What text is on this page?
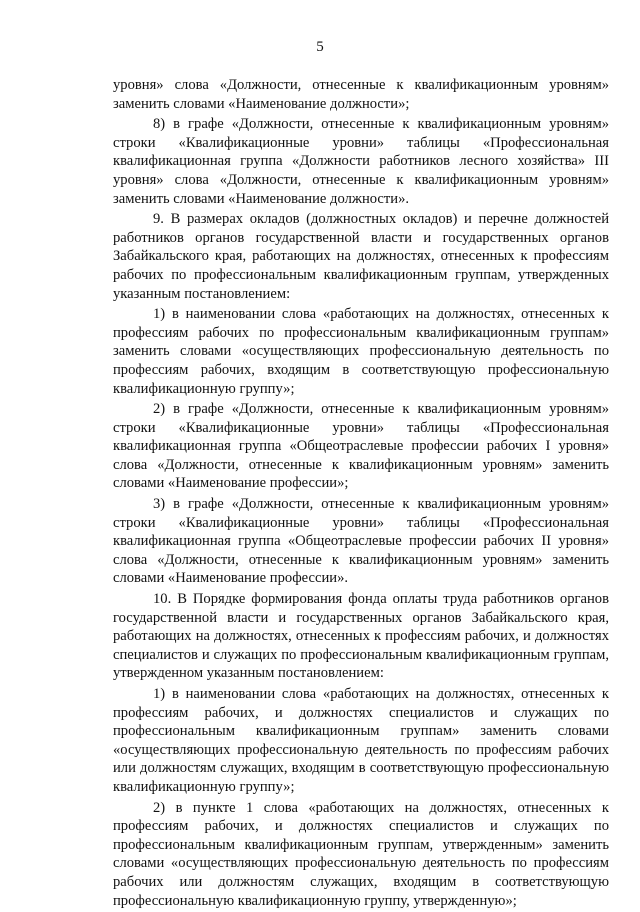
5

уровня» слова «Должности, отнесенные к квалификационным уровням» заменить словами «Наименование должности»;

8) в графе «Должности, отнесенные к квалификационным уровням» строки «Квалификационные уровни» таблицы «Профессиональная квалификационная группа «Должности работников лесного хозяйства» III уровня» слова «Должности, отнесенные к квалификационным уровням» заменить словами «Наименование должности».

9. В размерах окладов (должностных окладов) и перечне должностей работников органов государственной власти и государственных органов Забайкальского края, работающих на должностях, отнесенных к профессиям рабочих по профессиональным квалификационным группам, утвержденных указанным постановлением:

1) в наименовании слова «работающих на должностях, отнесенных к профессиям рабочих по профессиональным квалификационным группам» заменить словами «осуществляющих профессиональную деятельность по профессиям рабочих, входящим в соответствующую профессиональную квалификационную группу»;

2) в графе «Должности, отнесенные к квалификационным уровням» строки «Квалификационные уровни» таблицы «Профессиональная квалификационная группа «Общеотраслевые профессии рабочих I уровня» слова «Должности, отнесенные к квалификационным уровням» заменить словами «Наименование профессии»;

3) в графе «Должности, отнесенные к квалификационным уровням» строки «Квалификационные уровни» таблицы «Профессиональная квалификационная группа «Общеотраслевые профессии рабочих II уровня» слова «Должности, отнесенные к квалификационным уровням» заменить словами «Наименование профессии».

10. В Порядке формирования фонда оплаты труда работников органов государственной власти и государственных органов Забайкальского края, работающих на должностях, отнесенных к профессиям рабочих, и должностях специалистов и служащих по профессиональным квалификационным группам, утвержденном указанным постановлением:

1) в наименовании слова «работающих на должностях, отнесенных к профессиям рабочих, и должностях специалистов и служащих по профессиональным квалификационным группам» заменить словами «осуществляющих профессиональную деятельность по профессиям рабочих или должностям служащих, входящим в соответствующую профессиональную квалификационную группу»;

2) в пункте 1 слова «работающих на должностях, отнесенных к профессиям рабочих, и должностях специалистов и служащих по профессиональным квалификационным группам, утвержденным» заменить словами «осуществляющих профессиональную деятельность по профессиям рабочих или должностям служащих, входящим в соответствующую профессиональную квалификационную группу, утвержденную»;
